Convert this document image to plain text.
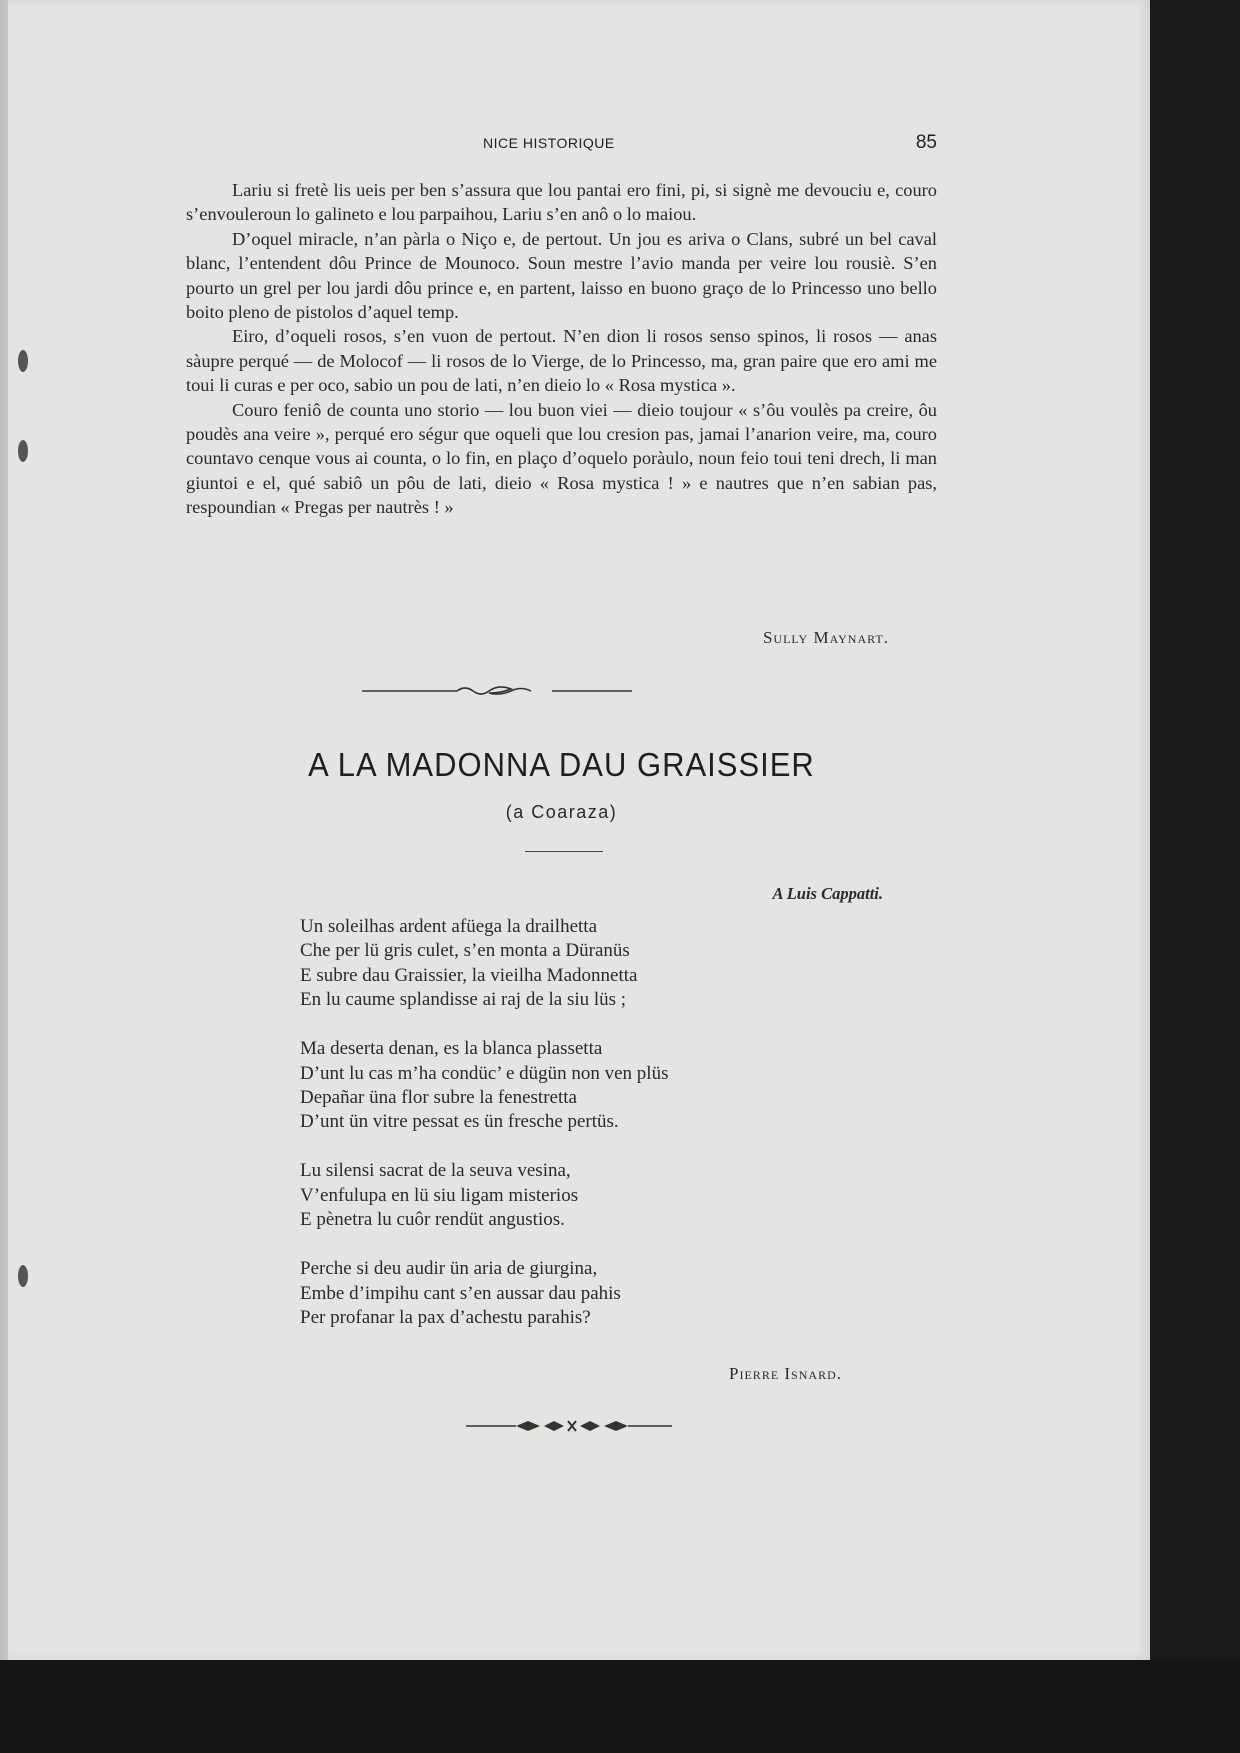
NICE HISTORIQUE	85

Lariu si fretè lis ueis per ben s’assura que lou pantai ero fini, pi, si signè me devouciu e, couro s’envouleroun lo galineto e lou parpaihou, Lariu s’en anô o lo maiou.

D’oquel miracle, n’an pàrla o Niço e, de pertout. Un jou es ariva o Clans, subré un bel caval blanc, l’entendent dôu Prince de Mounoco. Soun mestre l’avio manda per veire lou rousiè. S’en pourto un grel per lou jardi dôu prince e, en partent, laisso en buono graço de lo Princesso uno bello boito pleno de pistolos d’aquel temp.

Eiro, d’oqueli rosos, s’en vuon de pertout. N’en dion li rosos senso spinos, li rosos — anas sàupre perqué — de Molocof — li rosos de lo Vierge, de lo Princesso, ma, gran paire que ero ami me toui li curas e per oco, sabio un pou de lati, n’en dieio lo « Rosa mystica ».

Couro feniô de counta uno storio — lou buon viei — dieio toujour « s’ôu voulès pa creire, ôu poudès ana veire », perqué ero ségur que oqueli que lou cresion pas, jamai l’anarion veire, ma, couro countavo cenque vous ai counta, o lo fin, en plaço d’oquelo poràulo, noun feio toui teni drech, li man giuntoi e el, qué sabiô un pôu de lati, dieio « Rosa mystica ! » e nautres que n’en sabian pas, respoundian « Pregas per nautrès ! »

Sully Maynart.
A LA MADONNA DAU GRAISSIER
(a Coaraza)
A Luis Cappatti.
Un soleilhas ardent afüega la drailhetta
Che per lü gris culet, s’en monta a Düranüs
E subre dau Graissier, la vieilha Madonnetta
En lu caume splandisse ai raj de la siu lüs ;
Ma deserta denan, es la blanca plassetta
D’unt lu cas m’ha condüc’ e dügün non ven plüs
Depañar üna flor subre la fenestretta
D’unt ün vitre pessat es ün fresche pertüs.
Lu silensi sacrat de la seuva vesina,
V’enfulupa en lü siu ligam misterios
E pènetra lu cuôr rendüt angustios.
Perche si deu audir ün aria de giurgina,
Embe d’impihu cant s’en aussar dau pahis
Per profanar la pax d’achestu parahis?
Pierre Isnard.
